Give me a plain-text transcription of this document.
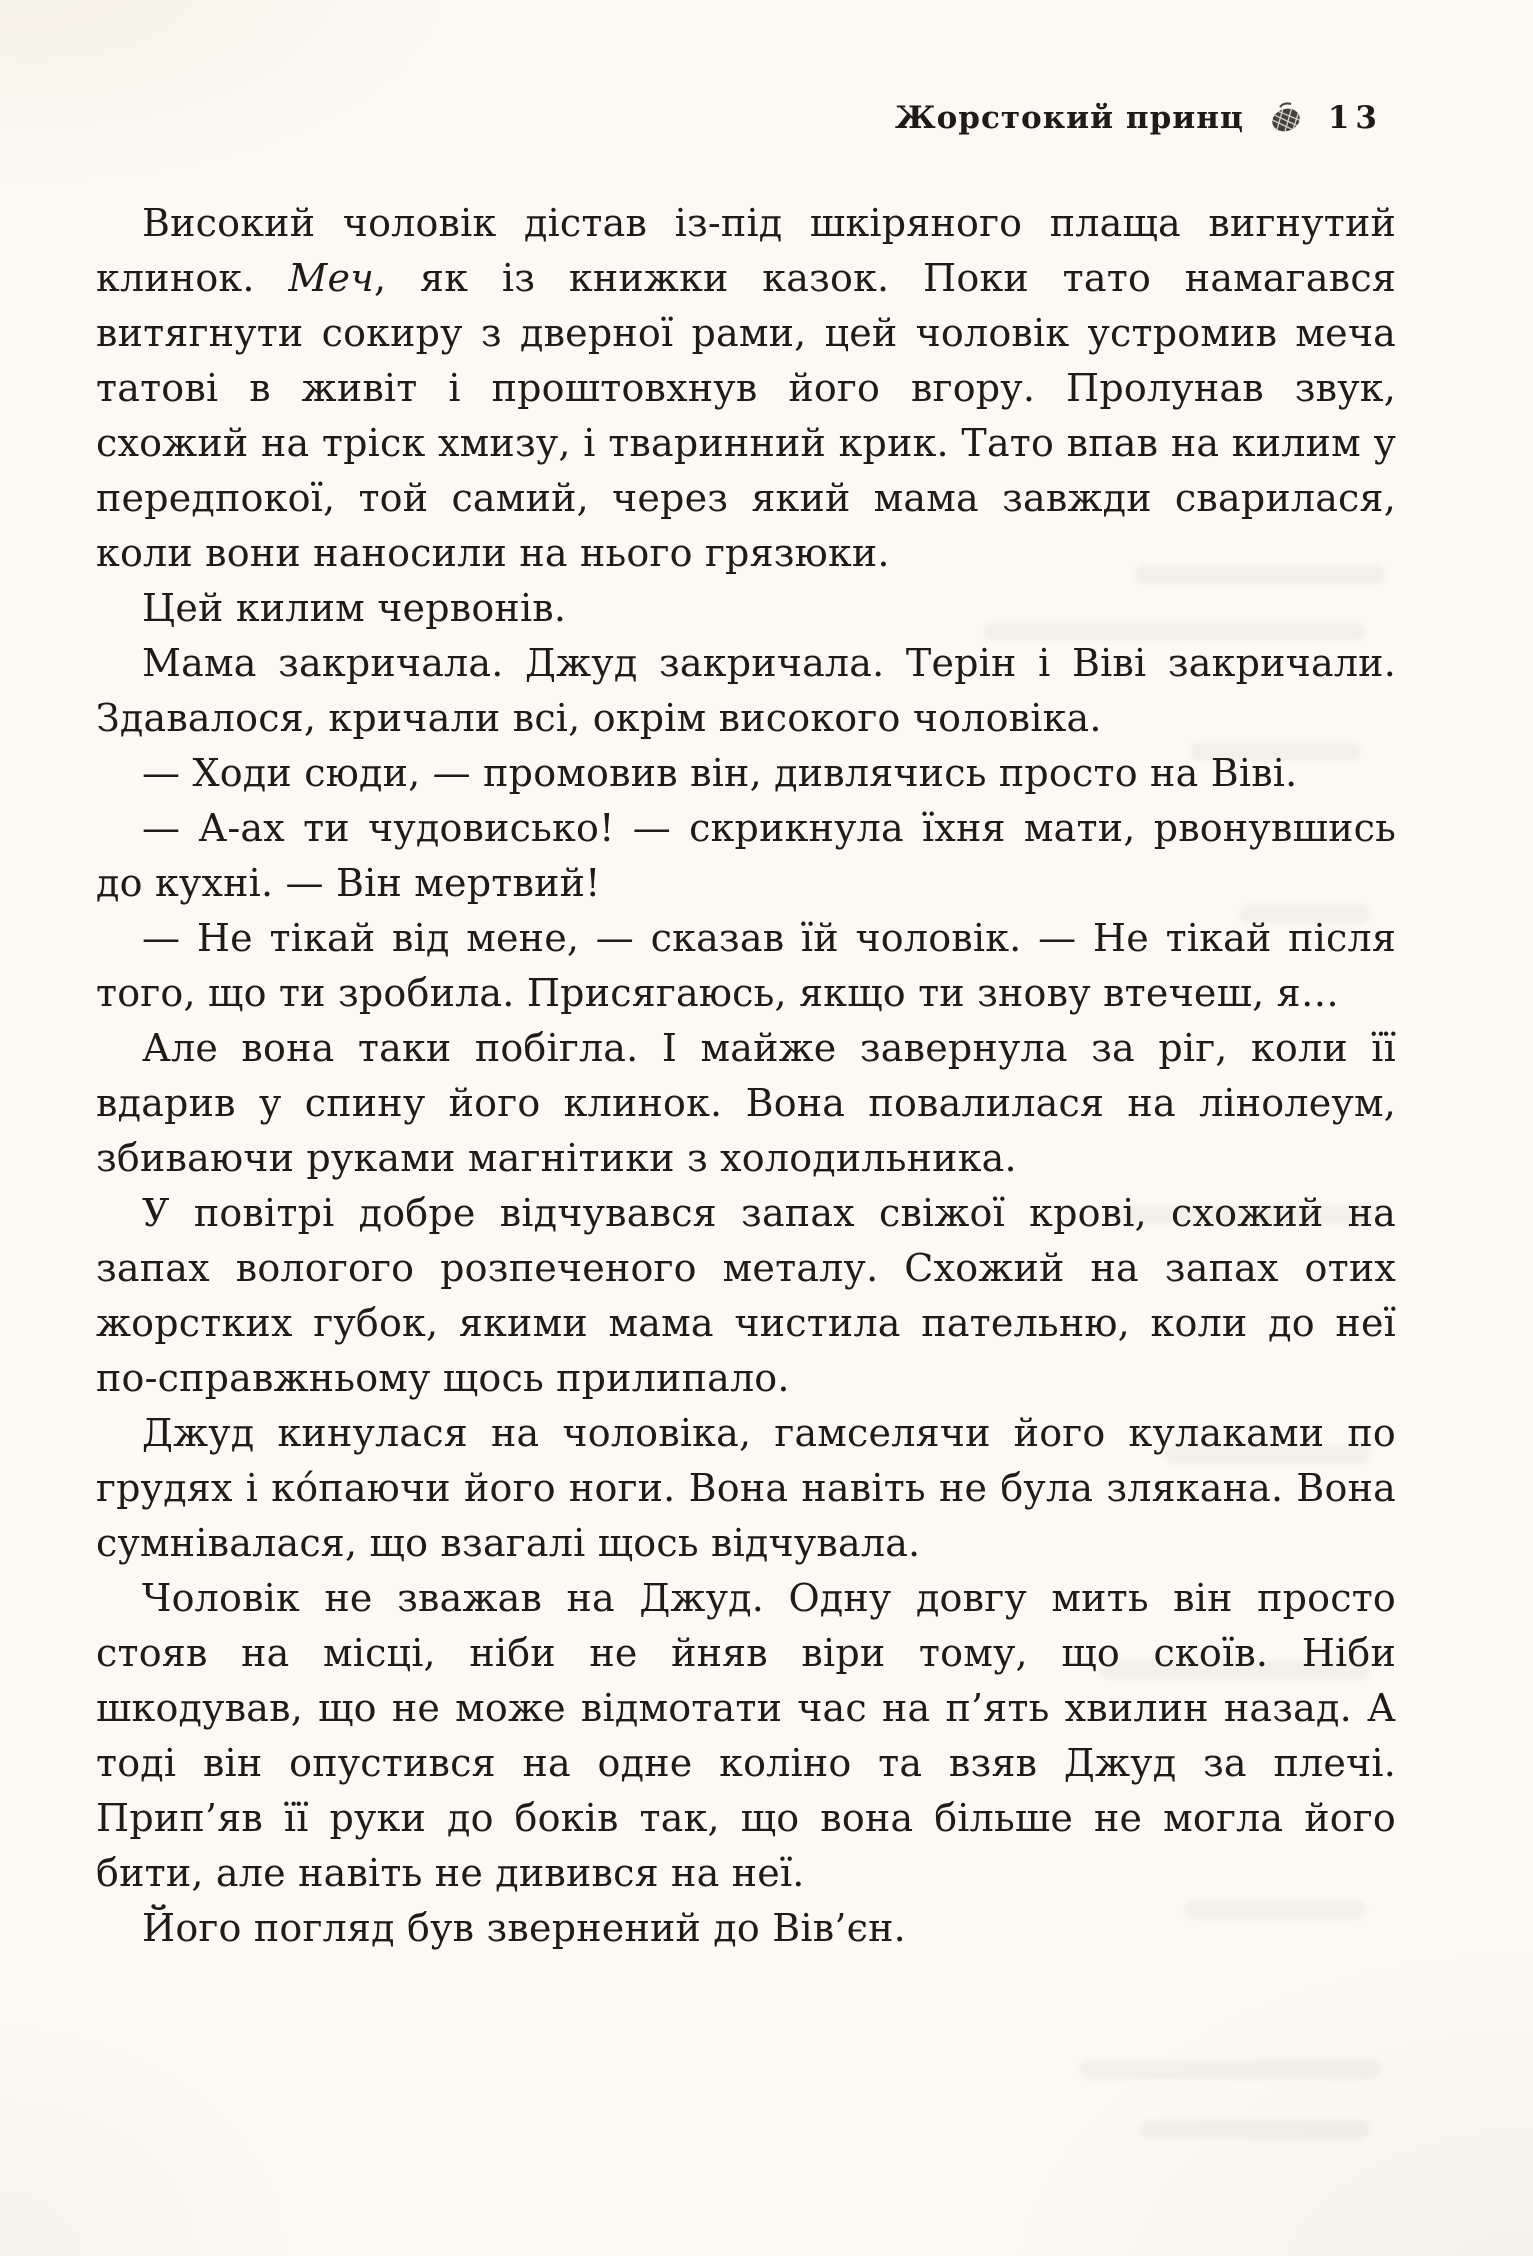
Жорстокий принц	13

Високий чоловік дістав із-під шкіряного плаща вигнутий клинок. Меч, як із книжки казок. Поки тато намагався витягнути сокиру з дверної рами, цей чоловік устромив меча татові в живіт і проштовхнув його вгору. Пролунав звук, схожий на тріск хмизу, і тваринний крик. Тато впав на килим у передпокої, той самий, через який мама завжди сварилася, коли вони наносили на нього грязюки.

Цей килим червонів.

Мама закричала. Джуд закричала. Терін і Віві закричали. Здавалося, кричали всі, окрім високого чоловіка.

— Ходи сюди, — промовив він, дивлячись просто на Віві.

— А-ах ти чудовисько! — скрикнула їхня мати, рвонувшись до кухні. — Він мертвий!

— Не тікай від мене, — сказав їй чоловік. — Не тікай після того, що ти зробила. Присягаюсь, якщо ти знову втечеш, я…

Але вона таки побігла. І майже завернула за ріг, коли її вдарив у спину його клинок. Вона повалилася на лінолеум, збиваючи руками магнітики з холодильника.

У повітрі добре відчувався запах свіжої крові, схожий на запах вологого розпеченого металу. Схожий на запах отих жорстких губок, якими мама чистила пательню, коли до неї по-справжньому щось прилипало.

Джуд кинулася на чоловіка, гамселячи його кулаками по грудях і ко́паючи його ноги. Вона навіть не була злякана. Вона сумнівалася, що взагалі щось відчувала.

Чоловік не зважав на Джуд. Одну довгу мить він просто стояв на місці, ніби не йняв віри тому, що скоїв. Ніби шкодував, що не може відмотати час на п’ять хвилин назад. А тоді він опустився на одне коліно та взяв Джуд за плечі. Прип’яв її руки до боків так, що вона більше не могла його бити, але навіть не дивився на неї.

Його погляд був звернений до Вів’єн.
